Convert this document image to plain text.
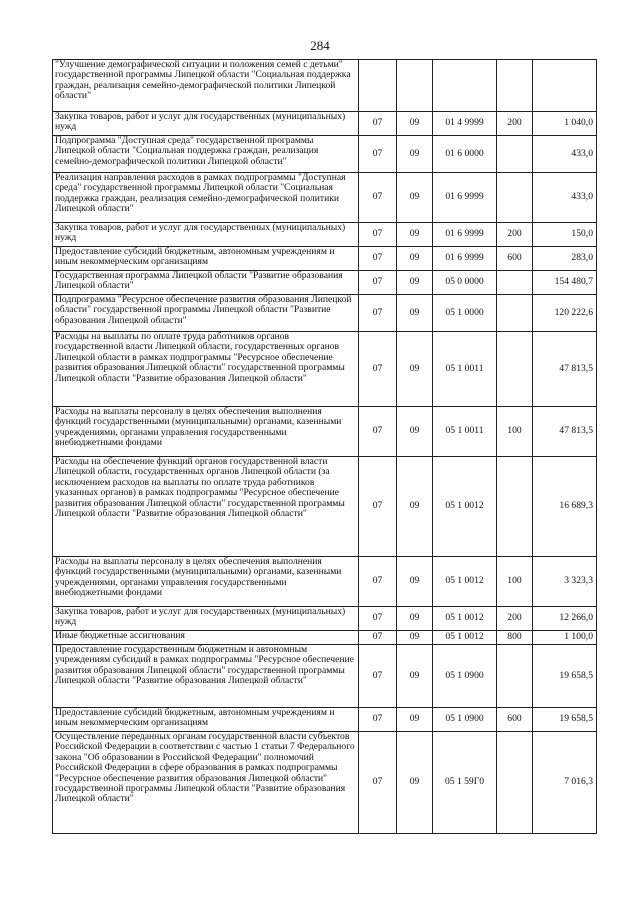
284
"Улучшение демографической ситуации и положения семей с детьми" государственной программы Липецкой области "Социальная поддержка граждан, реализация семейно-демографической политики Липецкой области"					
Закупка товаров, работ и услуг для государственных (муниципальных) нужд	07	09	01 4 9999	200	1 040,0
Подпрограмма "Доступная среда" государственной программы Липецкой области "Социальная поддержка граждан, реализация семейно-демографической политики Липецкой области"	07	09	01 6 0000		433,0
Реализация направления расходов в рамках подпрограммы "Доступная среда" государственной программы Липецкой области "Социальная поддержка граждан, реализация семейно-демографической политики Липецкой области"	07	09	01 6 9999		433,0
Закупка товаров, работ и услуг для государственных (муниципальных) нужд	07	09	01 6 9999	200	150,0
Предоставление субсидий бюджетным, автономным учреждениям и иным некоммерческим организациям	07	09	01 6 9999	600	283,0
Государственная программа Липецкой области "Развитие образования Липецкой области"	07	09	05 0 0000		154 480,7
Подпрограмма "Ресурсное обеспечение развития образования Липецкой области" государственной программы Липецкой области "Развитие образования Липецкой области"	07	09	05 1 0000		120 222,6
Расходы на выплаты по оплате труда работников органов государственной власти Липецкой области, государственных органов Липецкой области в рамках подпрограммы "Ресурсное обеспечение развития образования Липецкой области" государственной программы Липецкой области "Развитие образования Липецкой области"	07	09	05 1 0011		47 813,5
Расходы на выплаты персоналу в целях обеспечения выполнения функций государственными (муниципальными) органами, казенными учреждениями, органами управления государственными внебюджетными фондами	07	09	05 1 0011	100	47 813,5
Расходы на обеспечение функций органов государственной власти Липецкой области, государственных органов Липецкой области (за исключением расходов на выплаты по оплате труда работников указанных органов) в рамках подпрограммы "Ресурсное обеспечение развития образования Липецкой области" государственной программы Липецкой области "Развитие образования Липецкой области"	07	09	05 1 0012		16 689,3
Расходы на выплаты персоналу в целях обеспечения выполнения функций государственными (муниципальными) органами, казенными учреждениями, органами управления государственными внебюджетными фондами	07	09	05 1 0012	100	3 323,3
Закупка товаров, работ и услуг для государственных (муниципальных) нужд	07	09	05 1 0012	200	12 266,0
Иные бюджетные ассигнования	07	09	05 1 0012	800	1 100,0
Предоставление государственным бюджетным и автономным учреждениям субсидий в рамках подпрограммы "Ресурсное обеспечение развития образования Липецкой области" государственной программы Липецкой области "Развитие образования Липецкой области"	07	09	05 1 0900		19 658,5
Предоставление субсидий бюджетным, автономным учреждениям и иным некоммерческим организациям	07	09	05 1 0900	600	19 658,5
Осуществление переданных органам государственной власти субъектов Российской Федерации в соответствии с частью 1 статьи 7 Федерального закона "Об образовании в Российской Федерации" полномочий Российской Федерации в сфере образования в рамках подпрограммы "Ресурсное обеспечение развития образования Липецкой области" государственной программы Липецкой области "Развитие образования Липецкой области"	07	09	05 1 59Г0		7 016,3
